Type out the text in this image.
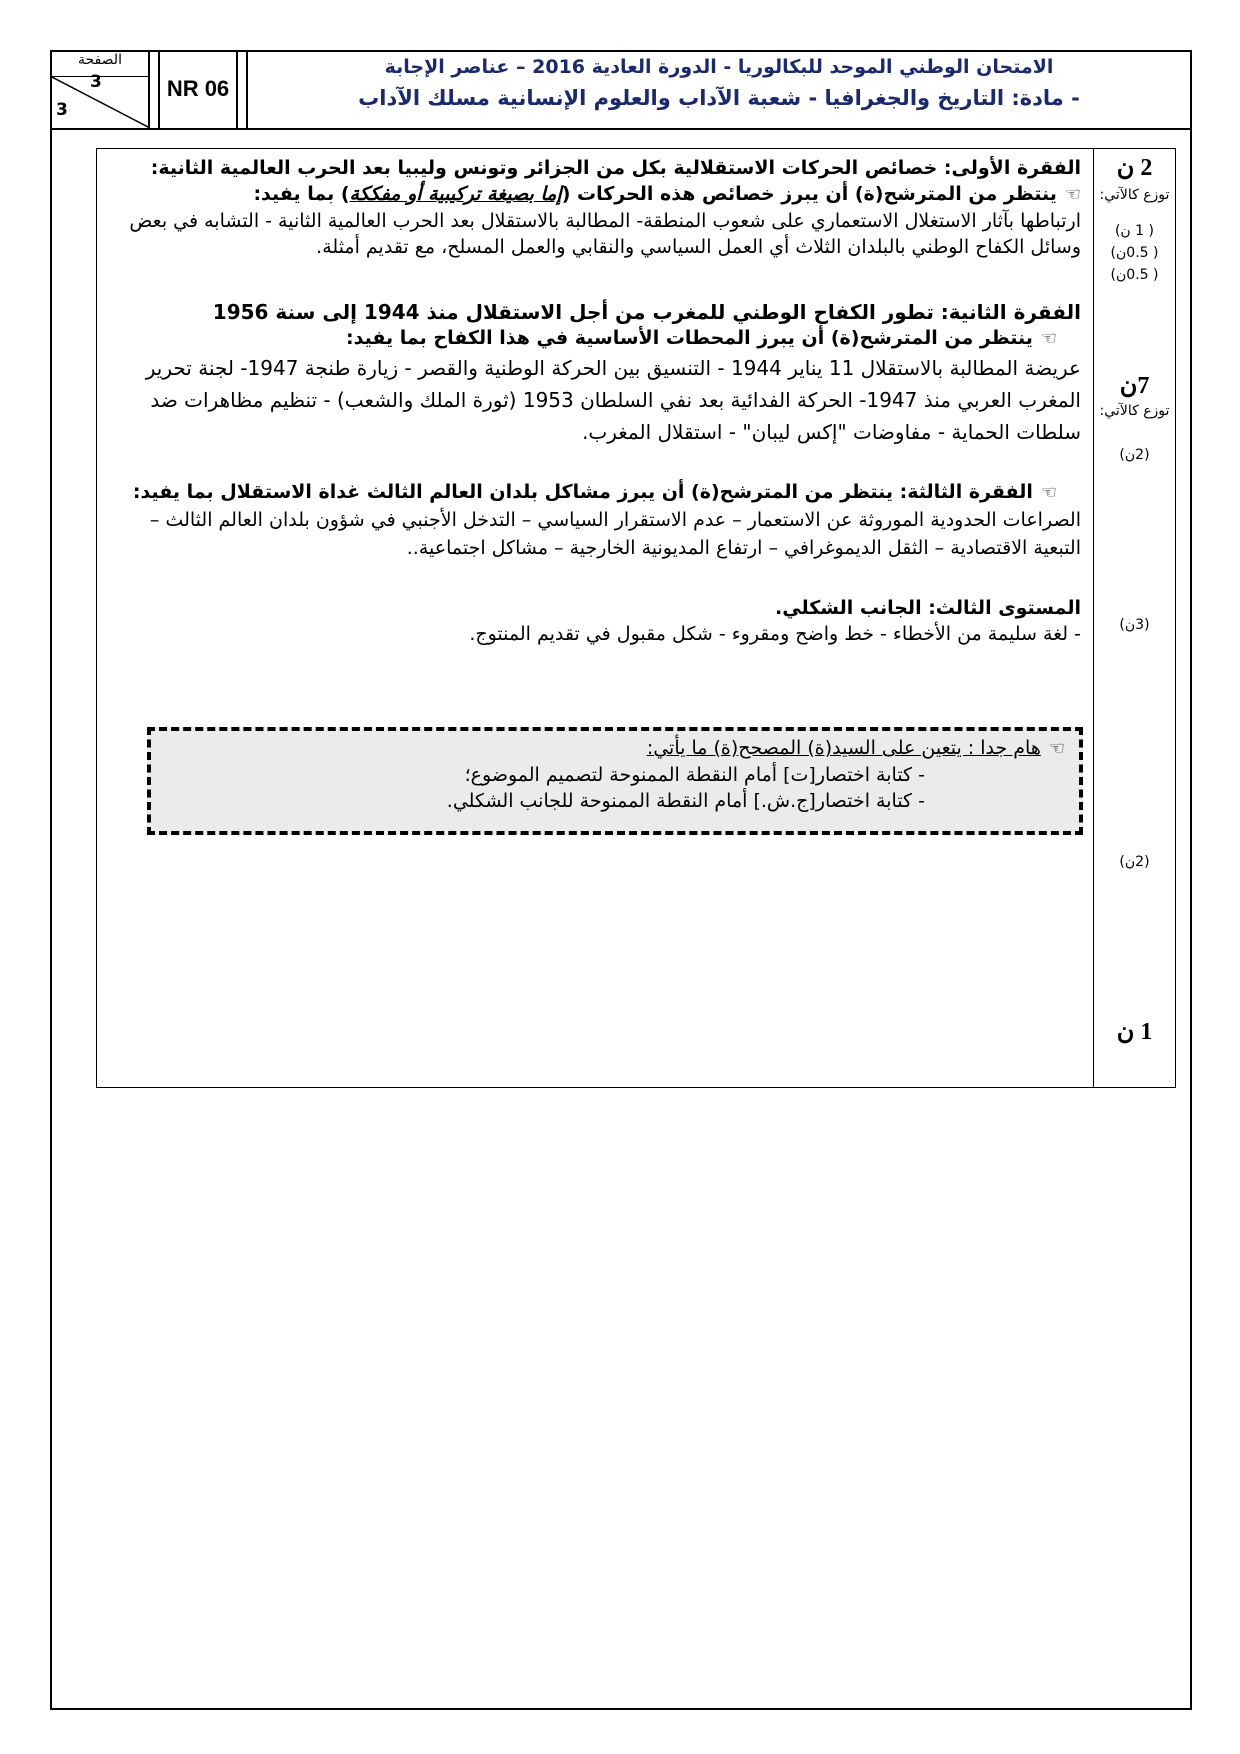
الصفحة
3
3
NR 06
الامتحان الوطني الموحد للبكالوريا - الدورة العادية 2016 – عناصر الإجابة
- مادة: التاريخ والجغرافيا - شعبة الآداب والعلوم الإنسانية مسلك الآداب
2 ن
توزع كالآتي:
( 1 ن)
( 0.5ن)
( 0.5ن)
7ن
توزع كالآتي:
(2ن)
(3ن)
(2ن)
1 ن
الفقرة الأولى: خصائص الحركات الاستقلالية بكل من الجزائر وتونس وليبيا بعد الحرب العالمية الثانية:
☜ينتظر من المترشح(ة) أن يبرز خصائص هذه الحركات (إما بصيغة تركيبية أو مفككة) بما يفيد:
ارتباطها بآثار الاستغلال الاستعماري على شعوب المنطقة- المطالبة بالاستقلال بعد الحرب العالمية الثانية - التشابه في بعض وسائل الكفاح الوطني بالبلدان الثلاث أي العمل السياسي والنقابي والعمل المسلح، مع تقديم أمثلة.
الفقرة الثانية: تطور الكفاح الوطني للمغرب من أجل الاستقلال منذ 1944 إلى سنة 1956
☜ينتظر من المترشح(ة) أن يبرز المحطات الأساسية في هذا الكفاح بما يفيد:
عريضة المطالبة بالاستقلال 11 يناير 1944 - التنسيق بين الحركة الوطنية والقصر - زيارة طنجة 1947- لجنة تحرير المغرب العربي منذ 1947- الحركة الفدائية بعد نفي السلطان 1953 (ثورة الملك والشعب) - تنظيم مظاهرات ضد سلطات الحماية - مفاوضات "إكس ليبان" - استقلال المغرب.
☜الفقرة الثالثة: ينتظر من المترشح(ة) أن يبرز مشاكل بلدان العالم الثالث غداة الاستقلال بما يفيد:
الصراعات الحدودية الموروثة عن الاستعمار – عدم الاستقرار السياسي – التدخل الأجنبي في شؤون بلدان العالم الثالث – التبعية الاقتصادية – الثقل الديموغرافي – ارتفاع المديونية الخارجية – مشاكل اجتماعية..
المستوى الثالث: الجانب الشكلي.
- لغة سليمة من الأخطاء - خط واضح ومقروء - شكل مقبول في تقديم المنتوج.
☜هام جدا : يتعين على السيد(ة) المصحح(ة) ما يأتي:
- كتابة اختصار[ت] أمام النقطة الممنوحة لتصميم الموضوع؛
- كتابة اختصار[ج.ش.] أمام النقطة الممنوحة للجانب الشكلي.
